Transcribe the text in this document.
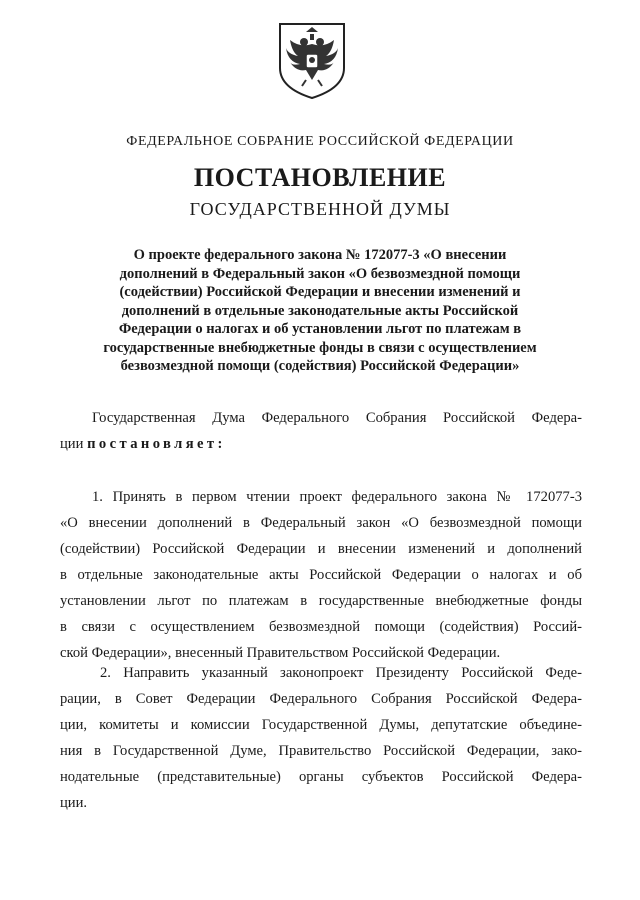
ФЕДЕРАЛЬНОЕ СОБРАНИЕ РОССИЙСКОЙ ФЕДЕРАЦИИ
ПОСТАНОВЛЕНИЕ
ГОСУДАРСТВЕННОЙ ДУМЫ
О проекте федерального закона № 172077-3 «О внесении
дополнений в Федеральный закон «О безвозмездной помощи
(содействии) Российской Федерации и внесении изменений и
дополнений в отдельные законодательные акты Российской
Федерации о налогах и об установлении льгот по платежам в
государственные внебюджетные фонды в связи с осуществлением
безвозмездной помощи (содействия) Российской Федерации»
Государственная Дума Федерального Собрания Российской Федера-
ции постановляет:
1. Принять в первом чтении проект федерального закона № 172077-3
«О внесении дополнений в Федеральный закон «О безвозмездной помощи
(содействии) Российской Федерации и внесении изменений и дополнений
в отдельные законодательные акты Российской Федерации о налогах и об
установлении льгот по платежам в государственные внебюджетные фонды
в связи с осуществлением безвозмездной помощи (содействия) Россий-
ской Федерации», внесенный Правительством Российской Федерации.
2. Направить указанный законопроект Президенту Российской Феде-
рации, в Совет Федерации Федерального Собрания Российской Федера-
ции, комитеты и комиссии Государственной Думы, депутатские объедине-
ния в Государственной Думе, Правительство Российской Федерации, зако-
нодательные (представительные) органы субъектов Российской Федера-
ции.
